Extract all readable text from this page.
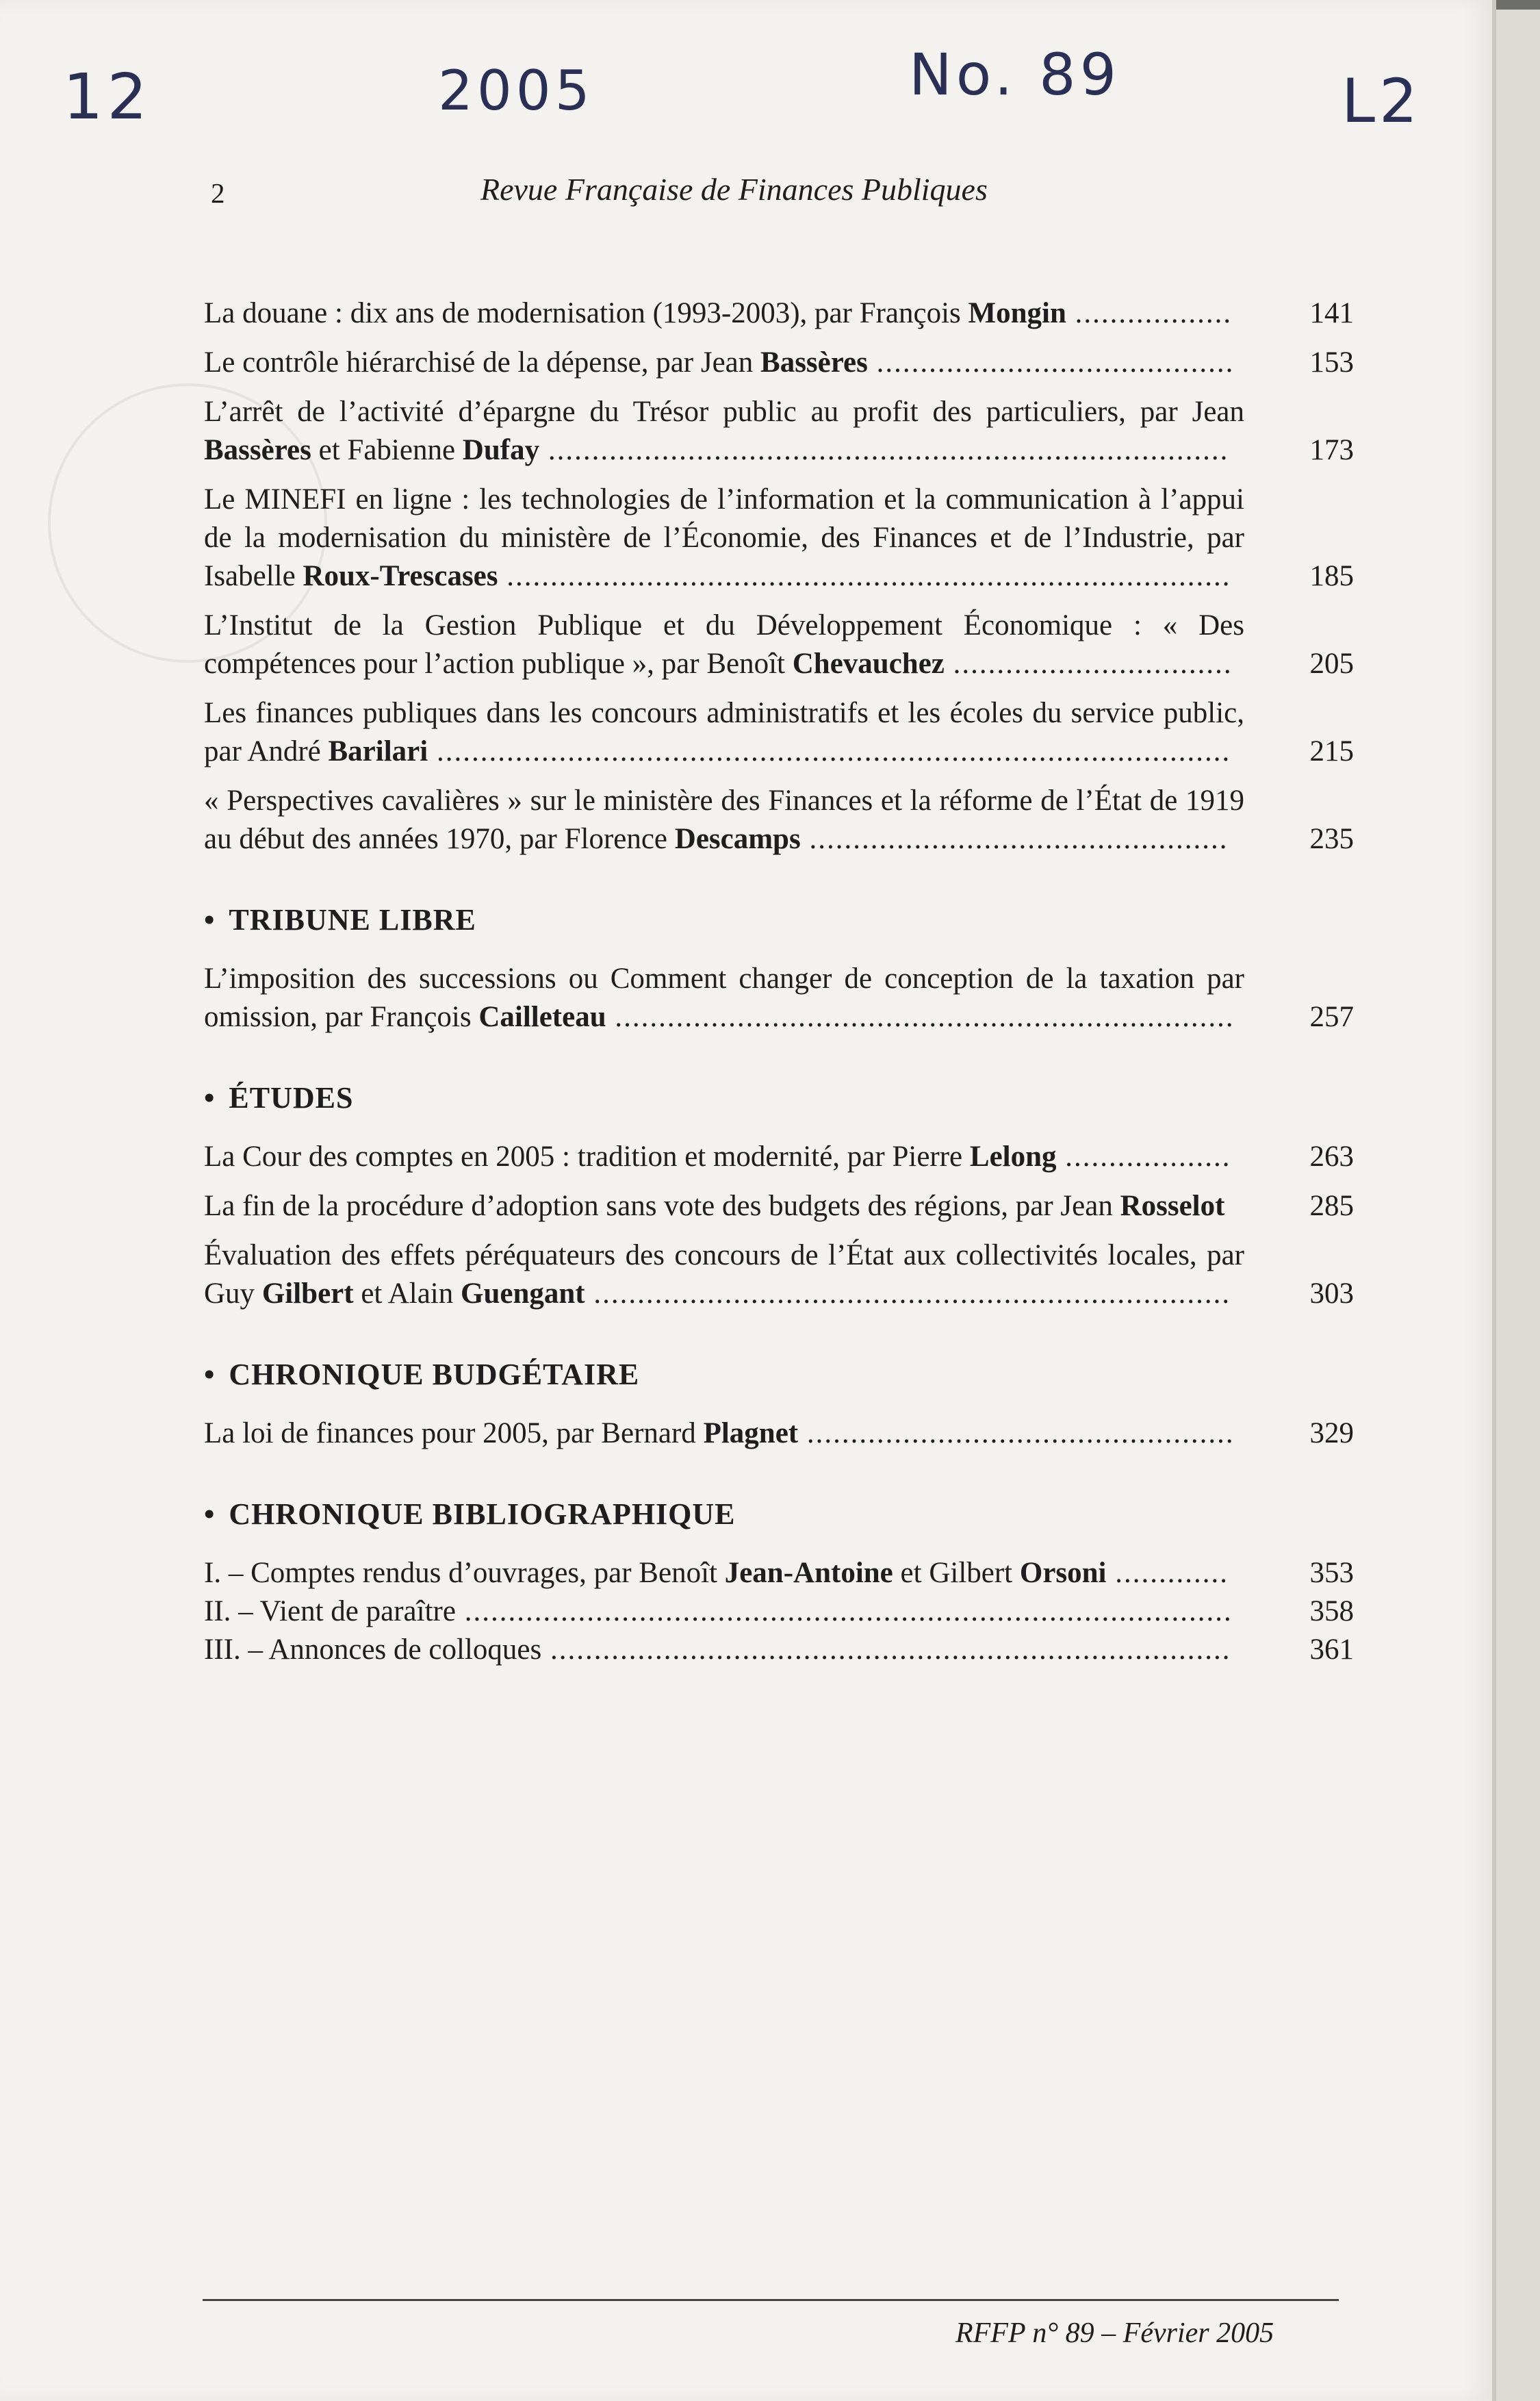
12	2005	No. 89	L2
2	Revue Française de Finances Publiques
La douane : dix ans de modernisation (1993-2003), par François Mongin ..................	141
Le contrôle hiérarchisé de la dépense, par Jean Bassères .........................................	153
L’arrêt de l’activité d’épargne du Trésor public au profit des particuliers, par Jean Bassères et Fabienne Dufay ..............................................................................	173
Le MINEFI en ligne : les technologies de l’information et la communication à l’appui de la modernisation du ministère de l’Économie, des Finances et de l’Industrie, par Isabelle Roux-Trescases ...................................................................................	185
L’Institut de la Gestion Publique et du Développement Économique : « Des compétences pour l’action publique », par Benoît Chevauchez ................................	205
Les finances publiques dans les concours administratifs et les écoles du service public, par André Barilari ...........................................................................................	215
« Perspectives cavalières » sur le ministère des Finances et la réforme de l’État de 1919 au début des années 1970, par Florence Descamps ................................................	235
• TRIBUNE LIBRE
L’imposition des successions ou Comment changer de conception de la taxation par omission, par François Cailleteau .......................................................................	257
• ÉTUDES
La Cour des comptes en 2005 : tradition et modernité, par Pierre Lelong ...................	263
La fin de la procédure d’adoption sans vote des budgets des régions, par Jean Rosselot	285
Évaluation des effets péréquateurs des concours de l’État aux collectivités locales, par Guy Gilbert et Alain Guengant .........................................................................	303
• CHRONIQUE BUDGÉTAIRE
La loi de finances pour 2005, par Bernard Plagnet .................................................	329
• CHRONIQUE BIBLIOGRAPHIQUE
I. – Comptes rendus d’ouvrages, par Benoît Jean-Antoine et Gilbert Orsoni .............	353
II. – Vient de paraître ........................................................................................	358
III. – Annonces de colloques ..............................................................................	361
RFFP n° 89 – Février 2005
